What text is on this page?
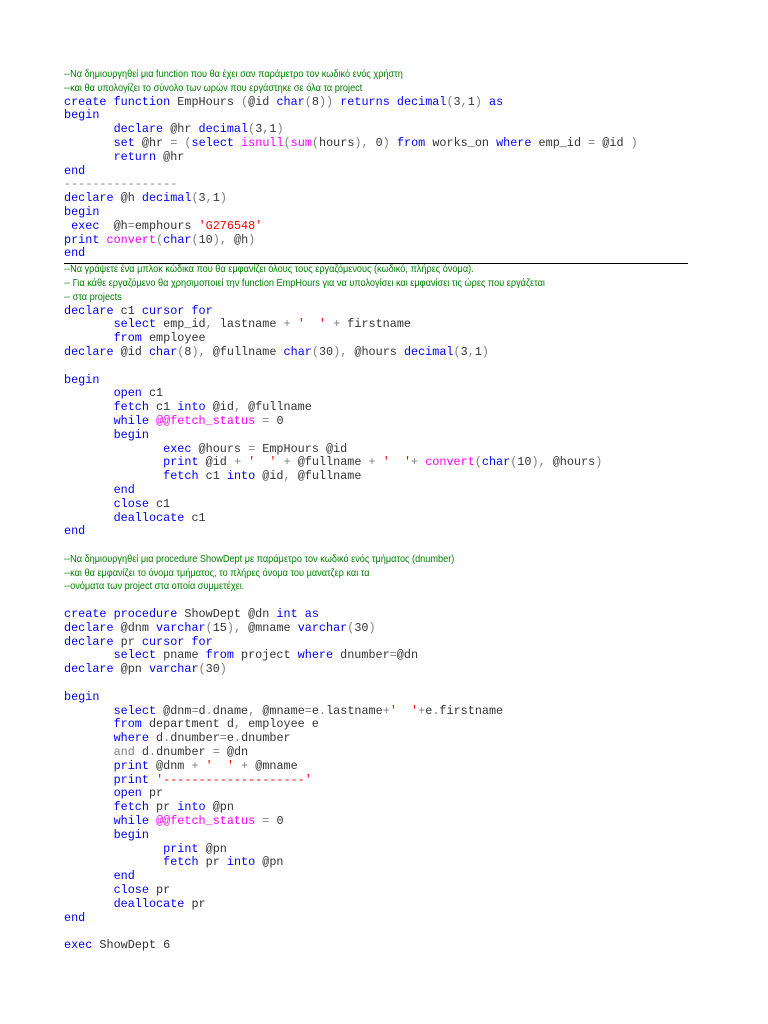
--Να δημιουργηθεί μια function που θα έχει σαν παράμετρο τον κωδικό ενός χρήστη
--και θα υπολογίζει το σύνολο των ωρών που εργάστηκε σε όλα τα project
create function EmpHours (@id char(8)) returns decimal(3,1) as
begin
declare @hr decimal(3,1)
set @hr = (select isnull(sum(hours), 0) from works_on where emp_id = @id )
return @hr
end
----------------
declare @h decimal(3,1)
begin
exec  @h=emphours 'G276548'
print convert(char(10), @h)
end
--Να γράψετε ένα μπλοκ κώδικα που θα εμφανίζει όλους τους εργαζόμενους (κωδικό, πλήρες όνομα).
-- Για κάθε εργαζόμενο θα χρησιμοποιεί την function EmpHours για να υπολογίσει και εμφανίσει τις ώρες που εργάζεται
-- στα projects
declare c1 cursor for
select emp_id, lastname + '  ' + firstname
from employee
declare @id char(8), @fullname char(30), @hours decimal(3,1)
begin
open c1
fetch c1 into @id, @fullname
while @@fetch_status = 0
begin
exec @hours = EmpHours @id
print @id + '  ' + @fullname + '  '+ convert(char(10), @hours)
fetch c1 into @id, @fullname
end
close c1
deallocate c1
end
--Να δημιουργηθεί μια procedure ShowDept με παράμετρο τον κωδικό ενός τμήματος (dnumber)
--και θα εμφανίζει το όνομα τμήματος, το πλήρες όνομα του μανατζερ και τα
--ονόματα των project στα οποία συμμετέχει.
create procedure ShowDept @dn int as
declare @dnm varchar(15), @mname varchar(30)
declare pr cursor for
select pname from project where dnumber=@dn
declare @pn varchar(30)
begin
select @dnm=d.dname, @mname=e.lastname+'  '+e.firstname
from department d, employee e
where d.dnumber=e.dnumber
and d.dnumber = @dn
print @dnm + '  ' + @mname
print '--------------------'
open pr
fetch pr into @pn
while @@fetch_status = 0
begin
print @pn
fetch pr into @pn
end
close pr
deallocate pr
end
exec ShowDept 6
